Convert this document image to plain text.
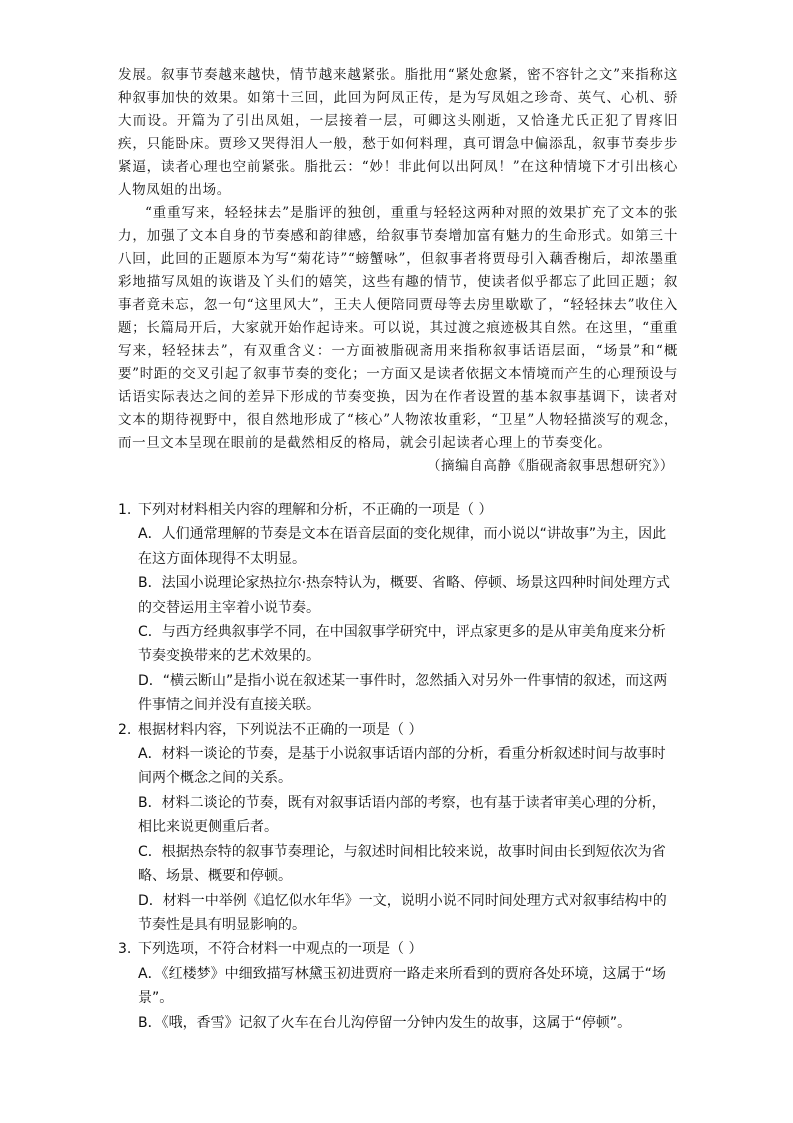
发展。叙事节奏越来越快，情节越来越紧张。脂批用“紧处愈紧，密不容针之文”来指称这种叙事加快的效果。如第十三回，此回为阿凤正传，是为写凤姐之珍奇、英气、心机、骄大而设。开篇为了引出凤姐，一层接着一层，可卿这头刚逝，又恰逢尤氏正犯了胃疼旧疾，只能卧床。贾珍又哭得泪人一般，愁于如何料理，真可谓急中偏添乱，叙事节奏步步紧逼，读者心理也空前紧张。脂批云：“妙！非此何以出阿凤！”在这种情境下才引出核心人物凤姐的出场。

“重重写来，轻轻抹去”是脂评的独创，重重与轻轻这两种对照的效果扩充了文本的张力，加强了文本自身的节奏感和韵律感，给叙事节奏增加富有魅力的生命形式。如第三十八回，此回的正题原本为写“菊花诗”“螃蟹咏”，但叙事者将贾母引入藕香榭后，却浓墨重彩地描写凤姐的诙谐及丫头们的嬉笑，这些有趣的情节，使读者似乎都忘了此回正题；叙事者竟未忘，忽一句“这里风大”，王夫人便陪同贾母等去房里歇歇了，“轻轻抹去”收住入题；长篇局开后，大家就开始作起诗来。可以说，其过渡之痕迹极其自然。在这里，“重重写来，轻轻抹去”，有双重含义：一方面被脂砚斋用来指称叙事话语层面，“场景”和“概要”时距的交叉引起了叙事节奏的变化；一方面又是读者依据文本情境而产生的心理预设与话语实际表达之间的差异下形成的节奏变换，因为在作者设置的基本叙事基调下，读者对文本的期待视野中，很自然地形成了“核心”人物浓妆重彩，“卫星”人物轻描淡写的观念，而一旦文本呈现在眼前的是截然相反的格局，就会引起读者心理上的节奏变化。

（摘编自高静《脂砚斋叙事思想研究》）

1. 下列对材料相关内容的理解和分析，不正确的一项是（ ）

A．人们通常理解的节奏是文本在语音层面的变化规律，而小说以“讲故事”为主，因此在这方面体现得不太明显。

B．法国小说理论家热拉尔·热奈特认为，概要、省略、停顿、场景这四种时间处理方式的交替运用主宰着小说节奏。

C．与西方经典叙事学不同，在中国叙事学研究中，评点家更多的是从审美角度来分析节奏变换带来的艺术效果的。

D．“横云断山”是指小说在叙述某一事件时，忽然插入对另外一件事情的叙述，而这两件事情之间并没有直接关联。

2. 根据材料内容，下列说法不正确的一项是（ ）

A．材料一谈论的节奏，是基于小说叙事话语内部的分析，看重分析叙述时间与故事时间两个概念之间的关系。

B．材料二谈论的节奏，既有对叙事话语内部的考察，也有基于读者审美心理的分析，相比来说更侧重后者。

C．根据热奈特的叙事节奏理论，与叙述时间相比较来说，故事时间由长到短依次为省略、场景、概要和停顿。

D．材料一中举例《追忆似水年华》一文，说明小说不同时间处理方式对叙事结构中的节奏性是具有明显影响的。

3. 下列选项，不符合材料一中观点的一项是（ ）

A．《红楼梦》中细致描写林黛玉初进贾府一路走来所看到的贾府各处环境，这属于“场景”。

B．《哦，香雪》记叙了火车在台儿沟停留一分钟内发生的故事，这属于“停顿”。
